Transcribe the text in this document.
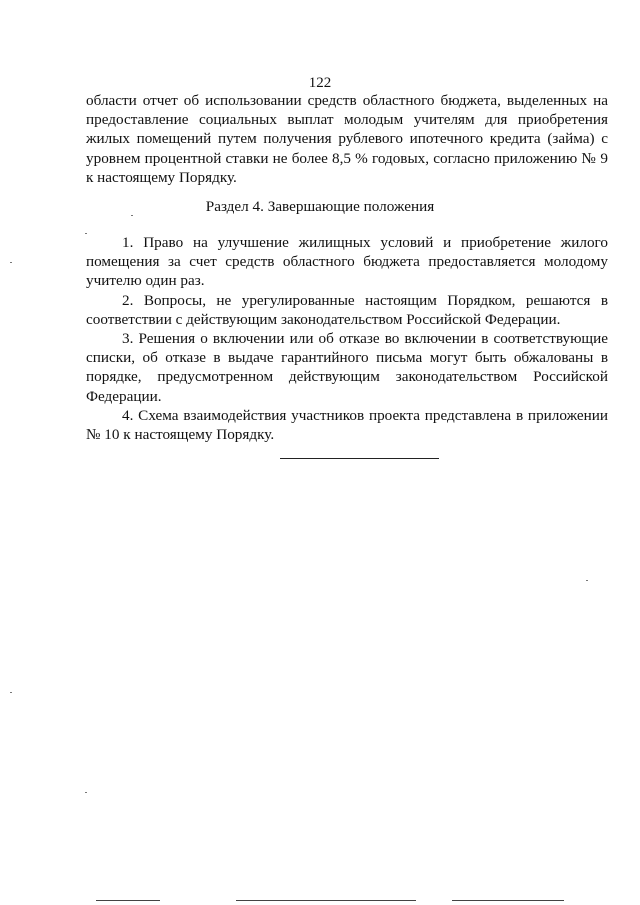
122

области отчет об использовании средств областного бюджета, выделенных на предоставление социальных выплат молодым учителям для приобретения жилых помещений путем получения рублевого ипотечного кредита (займа) с уровнем процентной ставки не более 8,5 % годовых, согласно приложению № 9 к настоящему Порядку.

Раздел 4. Завершающие положения

1. Право на улучшение жилищных условий и приобретение жилого помещения за счет средств областного бюджета предоставляется молодому учителю один раз.

2. Вопросы, не урегулированные настоящим Порядком, решаются в соответствии с действующим законодательством Российской Федерации.

3. Решения о включении или об отказе во включении в соответствующие списки, об отказе в выдаче гарантийного письма могут быть обжалованы в порядке, предусмотренном действующим законодательством Российской Федерации.

4. Схема взаимодействия участников проекта представлена в приложении № 10 к настоящему Порядку.
